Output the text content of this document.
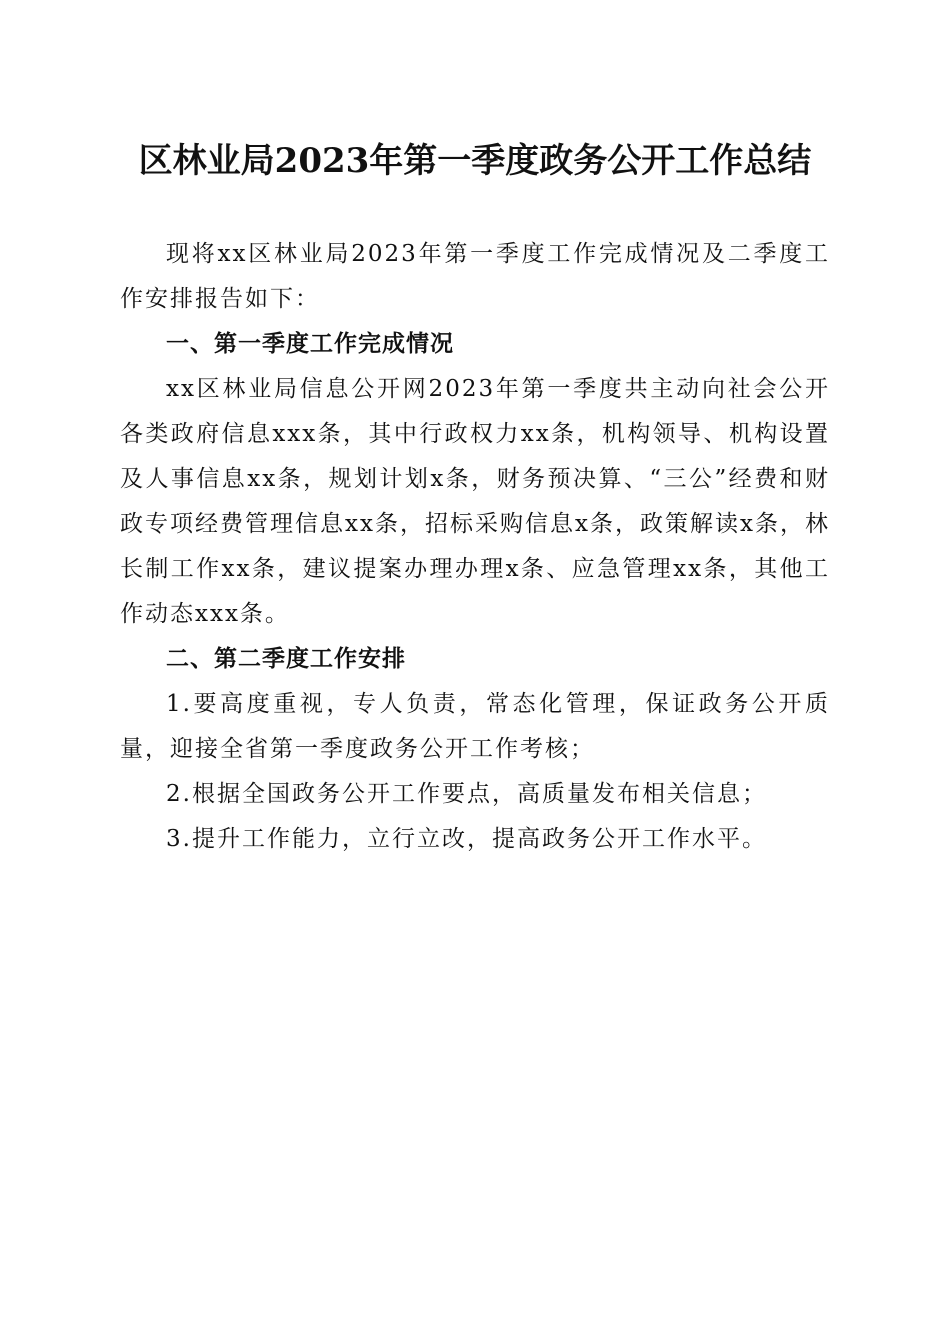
区林业局2023年第一季度政务公开工作总结

现将xx区林业局2023年第一季度工作完成情况及二季度工作安排报告如下：

一、第一季度工作完成情况

xx区林业局信息公开网2023年第一季度共主动向社会公开各类政府信息xxx条，其中行政权力xx条，机构领导、机构设置及人事信息xx条，规划计划x条，财务预决算、“三公”经费和财政专项经费管理信息xx条，招标采购信息x条，政策解读x条，林长制工作xx条，建议提案办理办理x条、应急管理xx条，其他工作动态xxx条。

二、第二季度工作安排

1.要高度重视，专人负责，常态化管理，保证政务公开质量，迎接全省第一季度政务公开工作考核；

2.根据全国政务公开工作要点，高质量发布相关信息；

3.提升工作能力，立行立改，提高政务公开工作水平。
